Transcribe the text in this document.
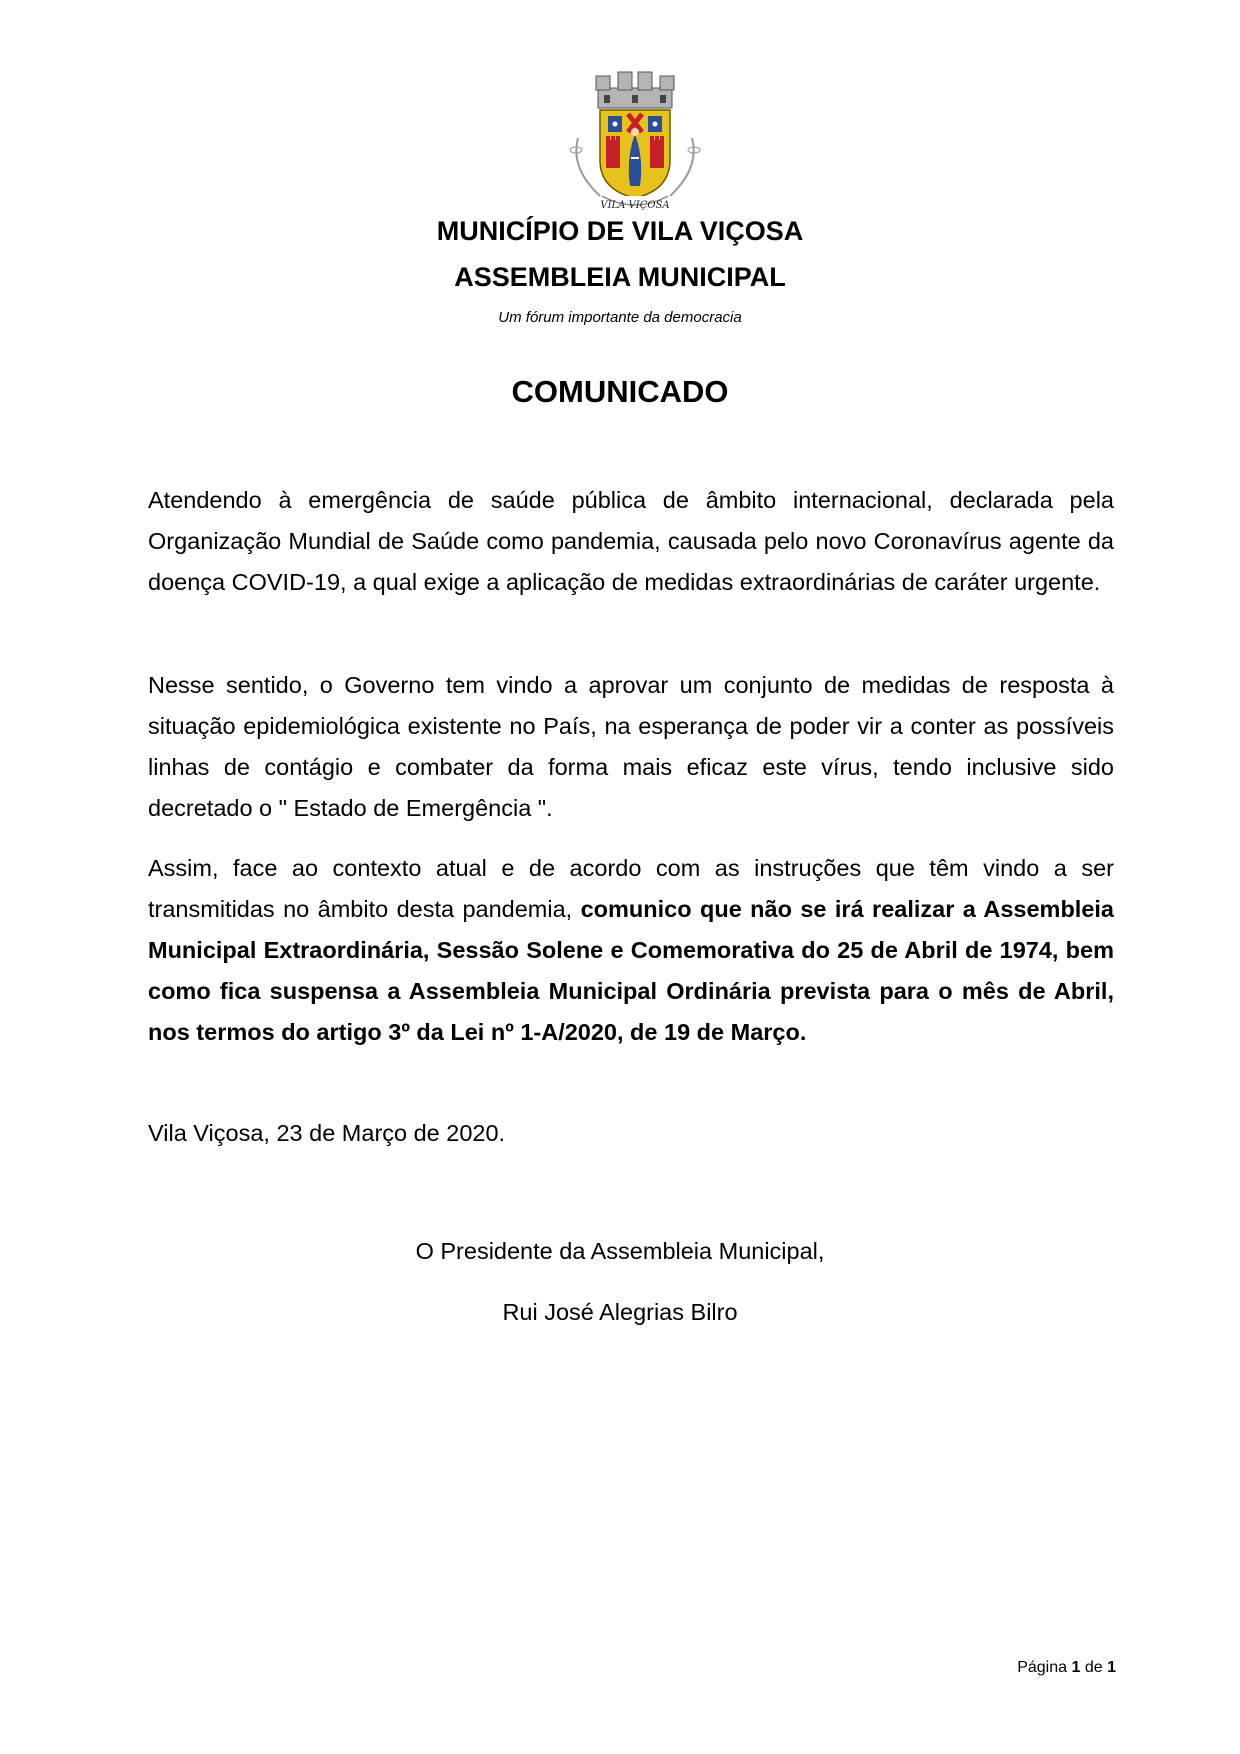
VILA VIÇOSA
MUNICÍPIO DE VILA VIÇOSA
ASSEMBLEIA MUNICIPAL
Um fórum importante da democracia
COMUNICADO

Atendendo à emergência de saúde pública de âmbito internacional, declarada pela Organização Mundial de Saúde como pandemia, causada pelo novo Coronavírus agente da doença COVID-19, a qual exige a aplicação de medidas extraordinárias de caráter urgente.

Nesse sentido, o Governo tem vindo a aprovar um conjunto de medidas de resposta à situação epidemiológica existente no País, na esperança de poder vir a conter as possíveis linhas de contágio e combater da forma mais eficaz este vírus, tendo inclusive sido decretado o " Estado de Emergência ".

Assim, face ao contexto atual e de acordo com as instruções que têm vindo a ser transmitidas no âmbito desta pandemia, comunico que não se irá realizar a Assembleia Municipal Extraordinária, Sessão Solene e Comemorativa do 25 de Abril de 1974, bem como fica suspensa a Assembleia Municipal Ordinária prevista para o mês de Abril, nos termos do artigo 3º da Lei nº 1-A/2020, de 19 de Março.

Vila Viçosa, 23 de Março de 2020.

O Presidente da Assembleia Municipal,
Rui José Alegrias Bilro
Página 1 de 1
